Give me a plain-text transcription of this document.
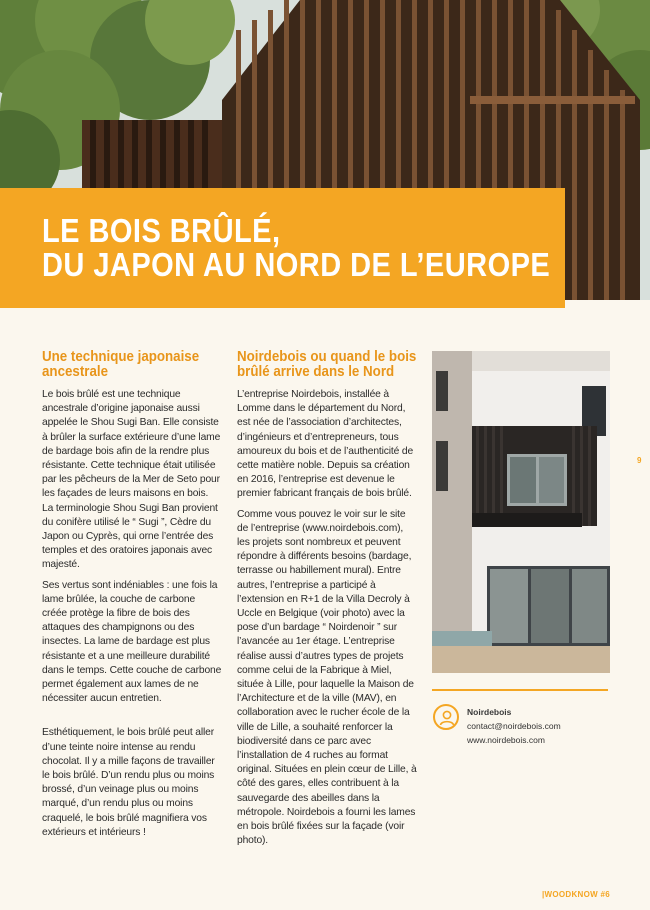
LE BOIS BRÛLÉ,
DU JAPON AU NORD DE L’EUROPE
Une technique japonaise ancestrale

Le bois brûlé est une technique ancestrale d’origine japonaise aussi appelée le Shou Sugi Ban. Elle consiste à brûler la surface extérieure d’une lame de bardage bois afin de la rendre plus résistante. Cette technique était utilisée par les pêcheurs de la Mer de Seto pour les façades de leurs maisons en bois. La terminologie Shou Sugi Ban provient du conifère utilisé le “ Sugi ”, Cèdre du Japon ou Cyprès, qui orne l’entrée des temples et des oratoires japonais avec majesté.

Ses vertus sont indéniables : une fois la lame brûlée, la couche de carbone créée protège la fibre de bois des attaques des champignons ou des insectes. La lame de bardage est plus résistante et a une meilleure durabilité dans le temps. Cette couche de carbone permet également aux lames de ne nécessiter aucun entretien.

Esthétiquement, le bois brûlé peut aller d’une teinte noire intense au rendu chocolat. Il y a mille façons de travailler le bois brûlé. D’un rendu plus ou moins brossé, d’un veinage plus ou moins marqué, d’un rendu plus ou moins craquelé, le bois brûlé magnifiera vos extérieurs et intérieurs !

Noirdebois ou quand le bois brûlé arrive dans le Nord

L’entreprise Noirdebois, installée à Lomme dans le département du Nord, est née de l’association d’architectes, d’ingénieurs et d’entrepreneurs, tous amoureux du bois et de l’authenticité de cette matière noble. Depuis sa création en 2016, l’entreprise est devenue le premier fabricant français de bois brûlé.

Comme vous pouvez le voir sur le site de l’entreprise (www.noirdebois.com), les projets sont nombreux et peuvent répondre à différents besoins (bardage, terrasse ou habillement mural). Entre autres, l’entreprise a participé à l’extension en R+1 de la Villa Decroly à Uccle en Belgique (voir photo) avec la pose d’un bardage “ Noirdenoir ” sur l’avancée au 1er étage. L’entreprise réalise aussi d’autres types de projets comme celui de la Fabrique à Miel, située à Lille, pour laquelle la Maison de l’Architecture et de la ville (MAV), en collaboration avec le rucher école de la ville de Lille, a souhaité renforcer la biodiversité dans ce parc avec l’installation de 4 ruches au format original. Situées en plein cœur de Lille, à côté des gares, elles contribuent à la sauvegarde des abeilles dans la métropole. Noirdebois a fourni les lames en bois brûlé fixées sur la façade (voir photo).

Noirdebois
contact@noirdebois.com
www.noirdebois.com
9
|WOODKNOW #6
